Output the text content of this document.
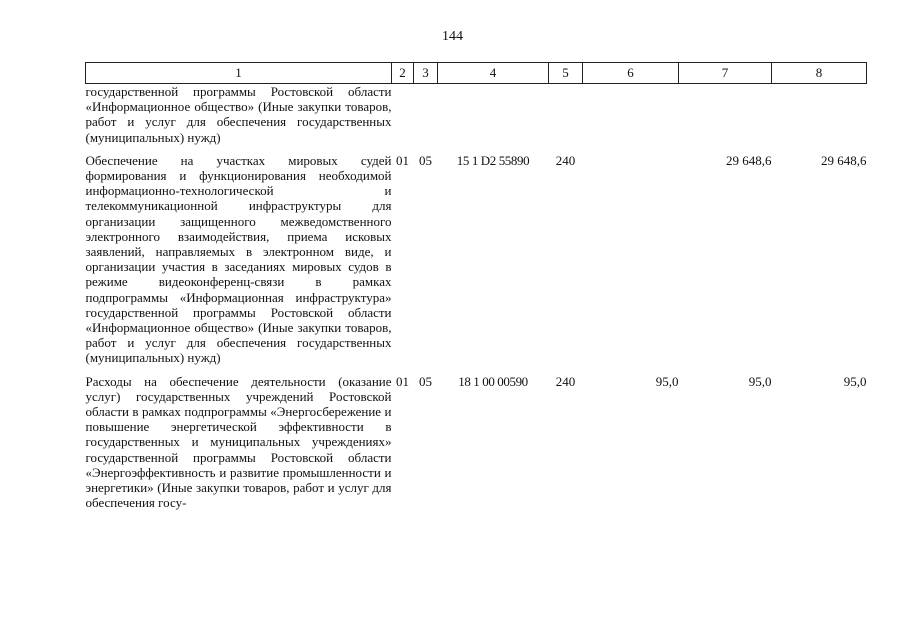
144
1	2	3	4	5	6	7	8
государственной программы Ростовской области «Информационное общество» (Иные закупки товаров, работ и услуг для обеспечения государственных (муниципальных) нужд)							

Обеспечение на участках мировых судей формирования и функционирования необходимой информационно-технологической и телекоммуникационной инфраструктуры для организации защищенного межведомственного электронного взаимодействия, приема исковых заявлений, направляемых в электронном виде, и организации участия в заседаниях мировых судов в режиме видеоконференц-связи в рамках подпрограммы «Информационная инфраструктура» государственной программы Ростовской области «Информационное общество» (Иные закупки товаров, работ и услуг для обеспечения государственных (муниципальных) нужд)	01	05	15 1 D2 55890	240		29 648,6	29 648,6

Расходы на обеспечение деятельности (оказание услуг) государственных учреждений Ростовской области в рамках подпрограммы «Энергосбережение и повышение энергетической эффективности в государственных и муниципальных учреждениях» государственной программы Ростовской области «Энергоэффективность и развитие промышленности и энергетики» (Иные закупки товаров, работ и услуг для обеспечения госу-	01	05	18 1 00 00590	240	95,0	95,0	95,0
